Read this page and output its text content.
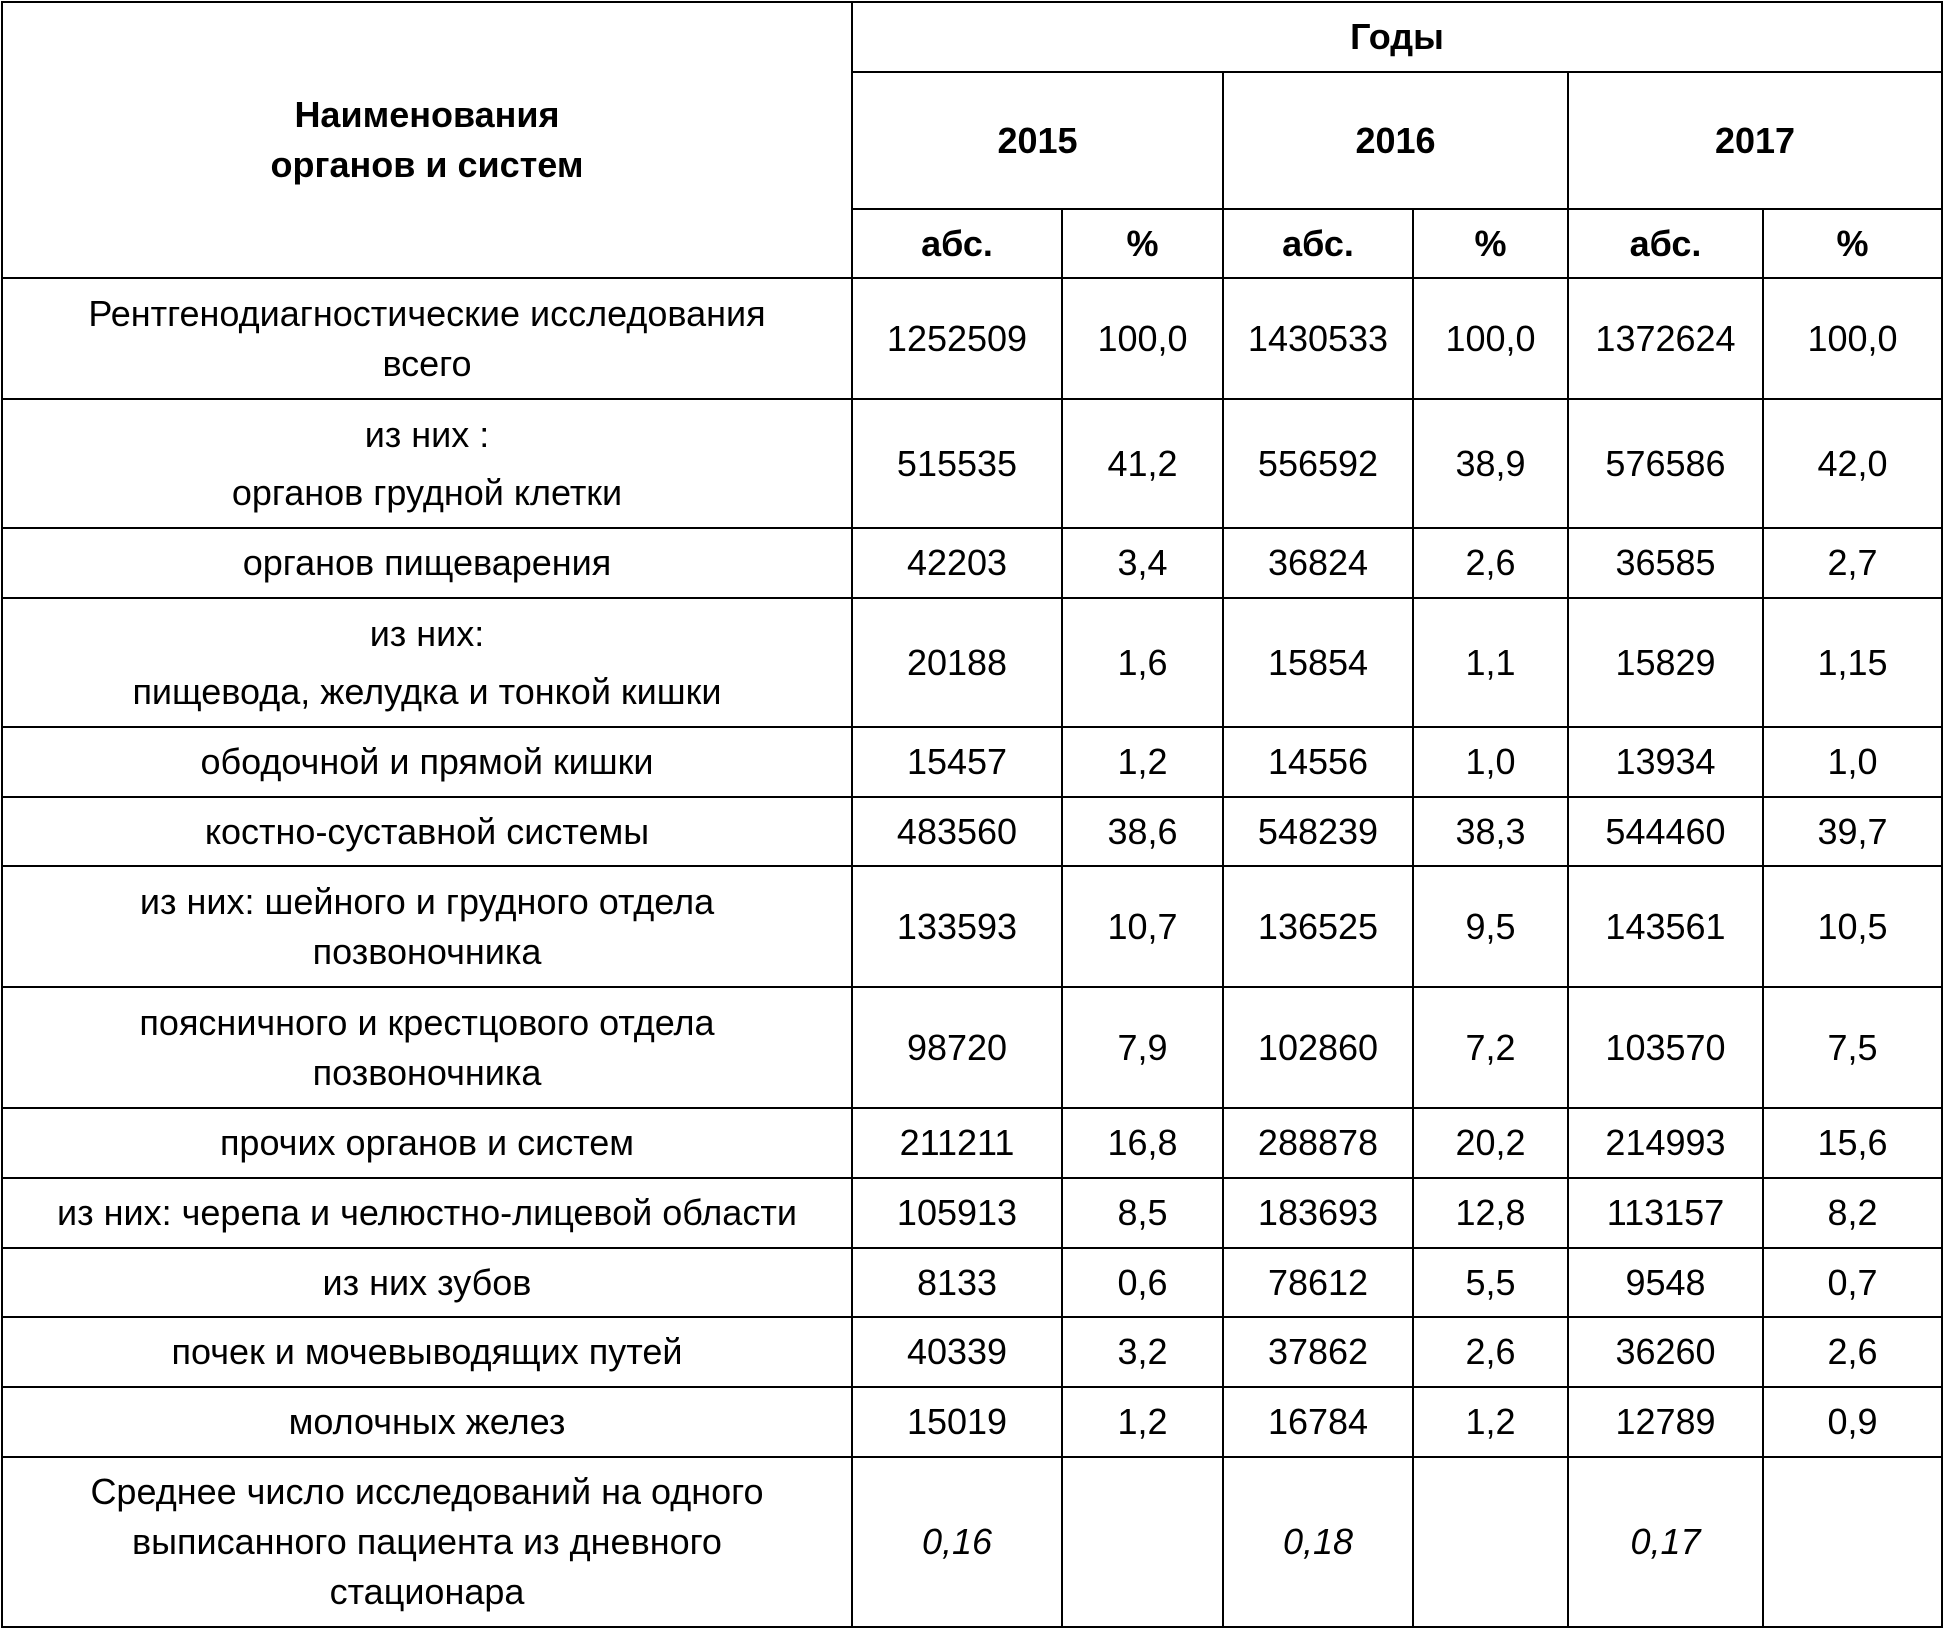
Наименования
органов и систем	Годы					
	2015		2016		2017	
	абс.	%	абс.	%	абс.	%
Рентгенодиагностические исследования
всего	1252509	100,0	1430533	100,0	1372624	100,0
из них :
органов грудной клетки	515535	41,2	556592	38,9	576586	42,0
органов пищеварения	42203	3,4	36824	2,6	36585	2,7
из них:
пищевода, желудка и тонкой кишки	20188	1,6	15854	1,1	15829	1,15
ободочной и прямой кишки	15457	1,2	14556	1,0	13934	1,0
костно-суставной системы	483560	38,6	548239	38,3	544460	39,7
из них: шейного и грудного отдела
позвоночника	133593	10,7	136525	9,5	143561	10,5
поясничного и крестцового отдела
позвоночника	98720	7,9	102860	7,2	103570	7,5
прочих органов и систем	211211	16,8	288878	20,2	214993	15,6
из них: черепа и челюстно-лицевой области	105913	8,5	183693	12,8	113157	8,2
из них зубов	8133	0,6	78612	5,5	9548	0,7
почек и мочевыводящих путей	40339	3,2	37862	2,6	36260	2,6
молочных желез	15019	1,2	16784	1,2	12789	0,9
Среднее число исследований на одного
выписанного пациента из дневного
стационара	0,16		0,18		0,17	
